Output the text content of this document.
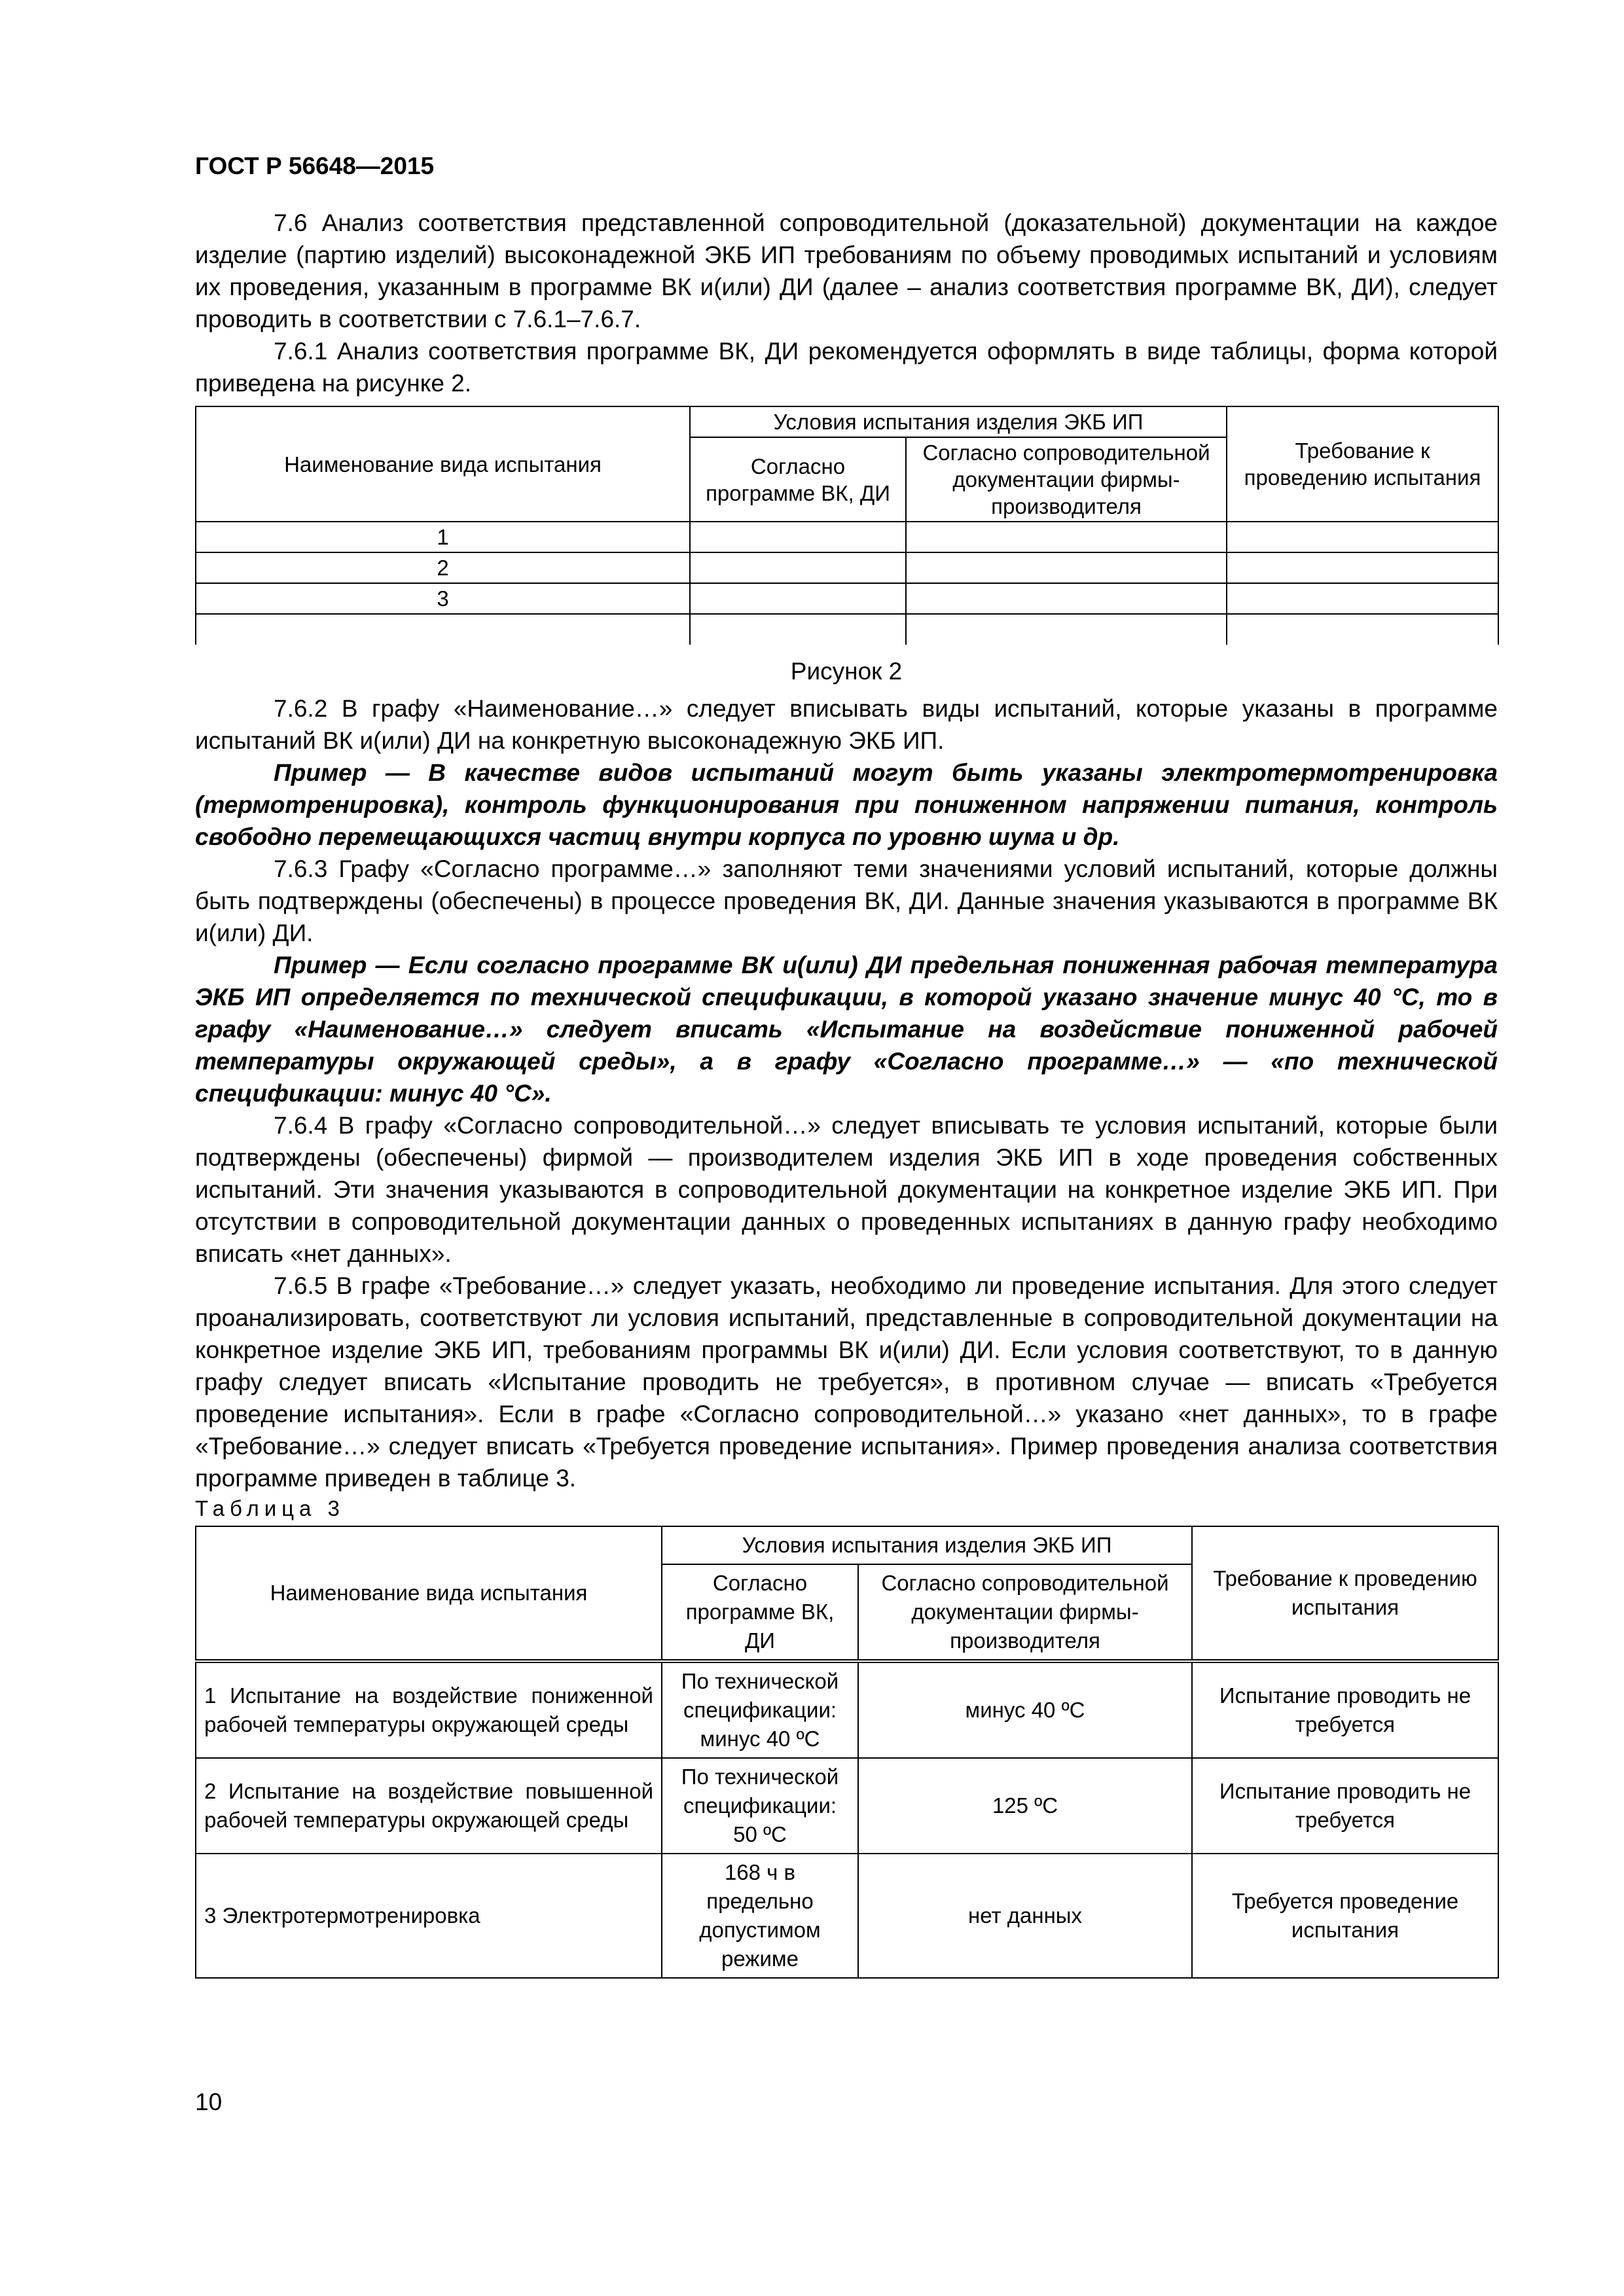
ГОСТ Р 56648—2015

7.6 Анализ соответствия представленной сопроводительной (доказательной) документации на каждое изделие (партию изделий) высоконадежной ЭКБ ИП требованиям по объему проводимых испытаний и условиям их проведения, указанным в программе ВК и(или) ДИ (далее – анализ соответствия программе ВК, ДИ), следует проводить в соответствии с 7.6.1–7.6.7.

7.6.1 Анализ соответствия программе ВК, ДИ рекомендуется оформлять в виде таблицы, форма которой приведена на рисунке 2.

Наименование вида испытания	Условия испытания изделия ЭКБ ИП		Требование к проведению испытания
	Согласно программе ВК, ДИ	Согласно сопроводительной документации фирмы-производителя	
1			
2			
3			

Рисунок 2

7.6.2 В графу «Наименование…» следует вписывать виды испытаний, которые указаны в программе испытаний ВК и(или) ДИ на конкретную высоконадежную ЭКБ ИП.

Пример — В качестве видов испытаний могут быть указаны электротермотренировка (термотренировка), контроль функционирования при пониженном напряжении питания, контроль свободно перемещающихся частиц внутри корпуса по уровню шума и др.

7.6.3 Графу «Согласно программе…» заполняют теми значениями условий испытаний, которые должны быть подтверждены (обеспечены) в процессе проведения ВК, ДИ. Данные значения указываются в программе ВК и(или) ДИ.

Пример — Если согласно программе ВК и(или) ДИ предельная пониженная рабочая температура ЭКБ ИП определяется по технической спецификации, в которой указано значение минус 40 °С, то в графу «Наименование…» следует вписать «Испытание на воздействие пониженной рабочей температуры окружающей среды», а в графу «Согласно программе…» — «по технической спецификации: минус 40 °С».

7.6.4 В графу «Согласно сопроводительной…» следует вписывать те условия испытаний, которые были подтверждены (обеспечены) фирмой — производителем изделия ЭКБ ИП в ходе проведения собственных испытаний. Эти значения указываются в сопроводительной документации на конкретное изделие ЭКБ ИП. При отсутствии в сопроводительной документации данных о проведенных испытаниях в данную графу необходимо вписать «нет данных».

7.6.5 В графе «Требование…» следует указать, необходимо ли проведение испытания. Для этого следует проанализировать, соответствуют ли условия испытаний, представленные в сопроводительной документации на конкретное изделие ЭКБ ИП, требованиям программы ВК и(или) ДИ. Если условия соответствуют, то в данную графу следует вписать «Испытание проводить не требуется», в противном случае — вписать «Требуется проведение испытания». Если в графе «Согласно сопроводительной…» указано «нет данных», то в графе «Требование…» следует вписать «Требуется проведение испытания». Пример проведения анализа соответствия программе приведен в таблице 3.

Таблица 3
Наименование вида испытания	Условия испытания изделия ЭКБ ИП		Требование к проведению испытания
	Согласно программе ВК, ДИ	Согласно сопроводительной документации фирмы-производителя	
1 Испытание на воздействие пониженной рабочей температуры окружающей среды	По технической спецификации: минус 40 ºС	минус 40 ºС	Испытание проводить не требуется
2 Испытание на воздействие повышенной рабочей температуры окружающей среды	По технической спецификации: 50 ºС	125 ºС	Испытание проводить не требуется
3 Электротермотренировка	168 ч в предельно допустимом режиме	нет данных	Требуется проведение испытания
10
